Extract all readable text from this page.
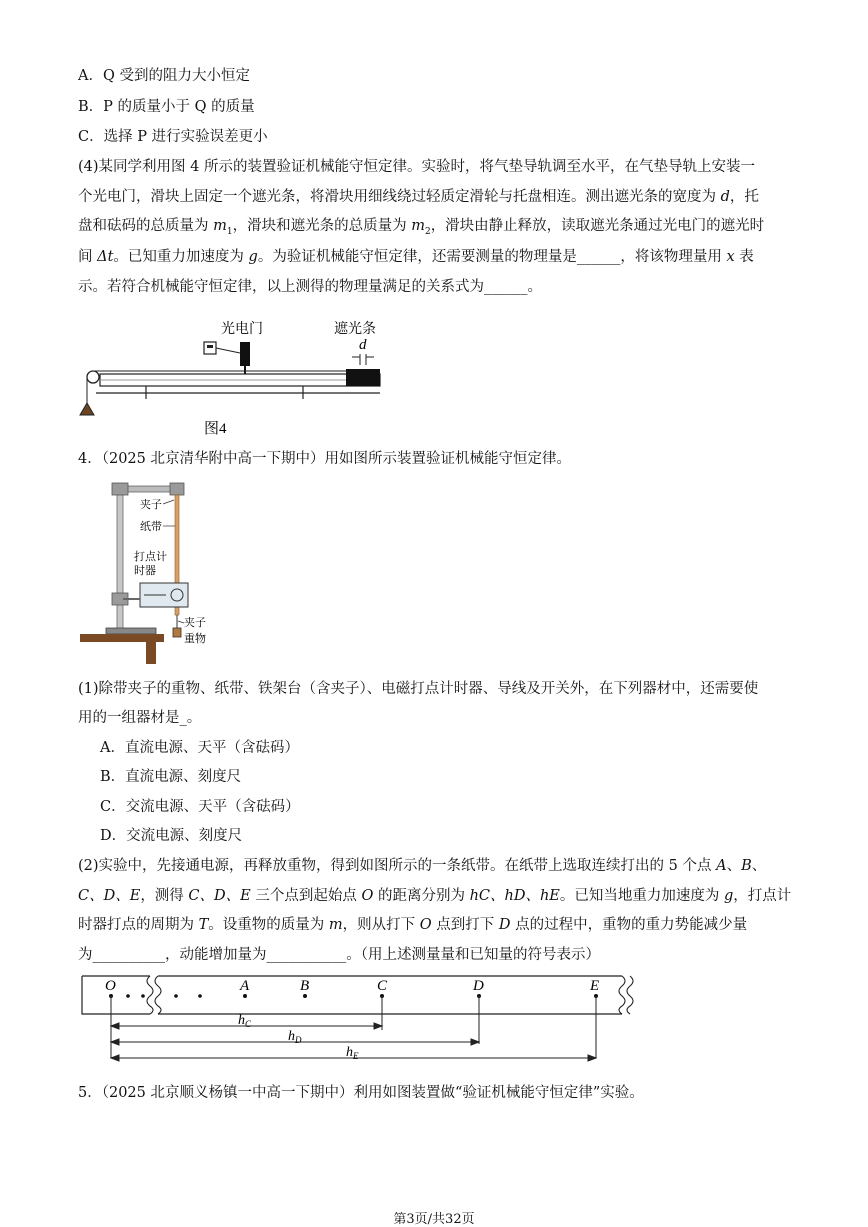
A．Q 受到的阻力大小恒定
B．P 的质量小于 Q 的质量
C．选择 P 进行实验误差更小
(4)某同学利用图 4 所示的装置验证机械能守恒定律。实验时，将气垫导轨调至水平，在气垫导轨上安装一
个光电门，滑块上固定一个遮光条，将滑块用细线绕过轻质定滑轮与托盘相连。测出遮光条的宽度为 d，托
盘和砝码的总质量为 $m_1$，滑块和遮光条的总质量为 $m_2$，滑块由静止释放，读取遮光条通过光电门的遮光时
间 Δt。已知重力加速度为 g。为验证机械能守恒定律，还需要测量的物理量是______，将该物理量用 x 表
示。若符合机械能守恒定律，以上测得的物理量满足的关系式为______。
光电门	遮光条
d
图4
4．（2025 北京清华附中高一下期中）用如图所示装置验证机械能守恒定律。
夹子
纸带
打点计
时器
夹子
重物
(1)除带夹子的重物、纸带、铁架台（含夹子）、电磁打点计时器、导线及开关外，在下列器材中，还需要使
用的一组器材是_。
A．直流电源、天平（含砝码）
B．直流电源、刻度尺
C．交流电源、天平（含砝码）
D．交流电源、刻度尺
(2)实验中，先接通电源，再释放重物，得到如图所示的一条纸带。在纸带上选取连续打出的 5 个点 A、B、
C、D、E，测得 C、D、E 三个点到起始点 O 的距离分别为 hC、hD、hE。已知当地重力加速度为 g，打点计
时器打点的周期为 T。设重物的质量为 m，则从打下 O 点到打下 D 点的过程中，重物的重力势能减少量
为__________，动能增加量为___________。（用上述测量量和已知量的符号表示）
O	A	B	C	D	E
$h_C$
$h_D$
$h_E$
5．（2025 北京顺义杨镇一中高一下期中）利用如图装置做“验证机械能守恒定律”实验。
第3页/共32页
